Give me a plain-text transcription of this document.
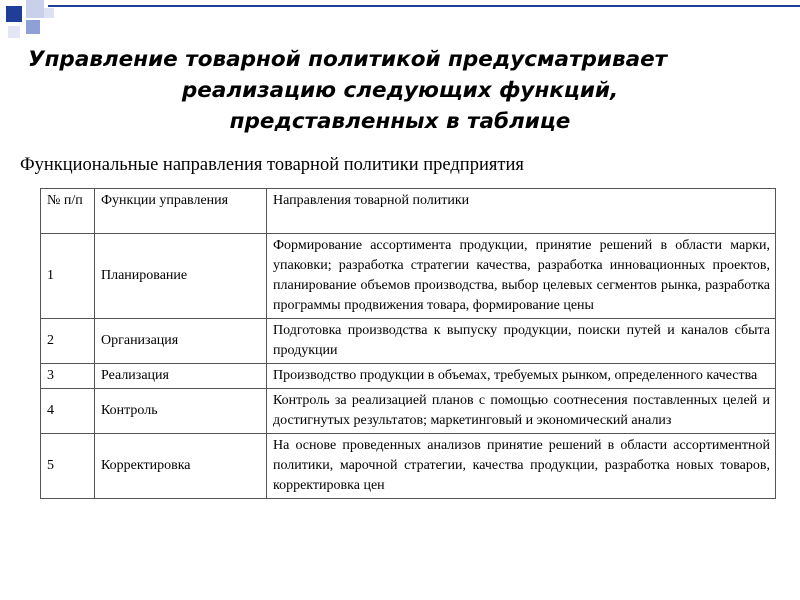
Управление товарной политикой предусматривает
реализацию следующих функций,
представленных в таблице
Функциональные направления товарной политики предприятия
№ п/п	Функции управления	Направления товарной политики
1	Планирование	Формирование ассортимента продукции, принятие решений в области марки, упаковки; разработка стратегии качества, разработка инновационных проектов, планирование объемов производства, выбор целевых сегментов рынка, разработка программы продвижения товара, формирование цены
2	Организация	Подготовка производства к выпуску продукции, поиски путей и каналов сбыта продукции
3	Реализация	Производство продукции в объемах, требуемых рынком, определенного качества
4	Контроль	Контроль за реализацией планов с помощью соотнесения поставленных целей и достигнутых результатов; маркетинговый и экономический анализ
5	Корректировка	На основе проведенных анализов принятие решений в области ассортиментной политики, марочной стратегии, качества продукции, разработка новых товаров, корректировка цен
